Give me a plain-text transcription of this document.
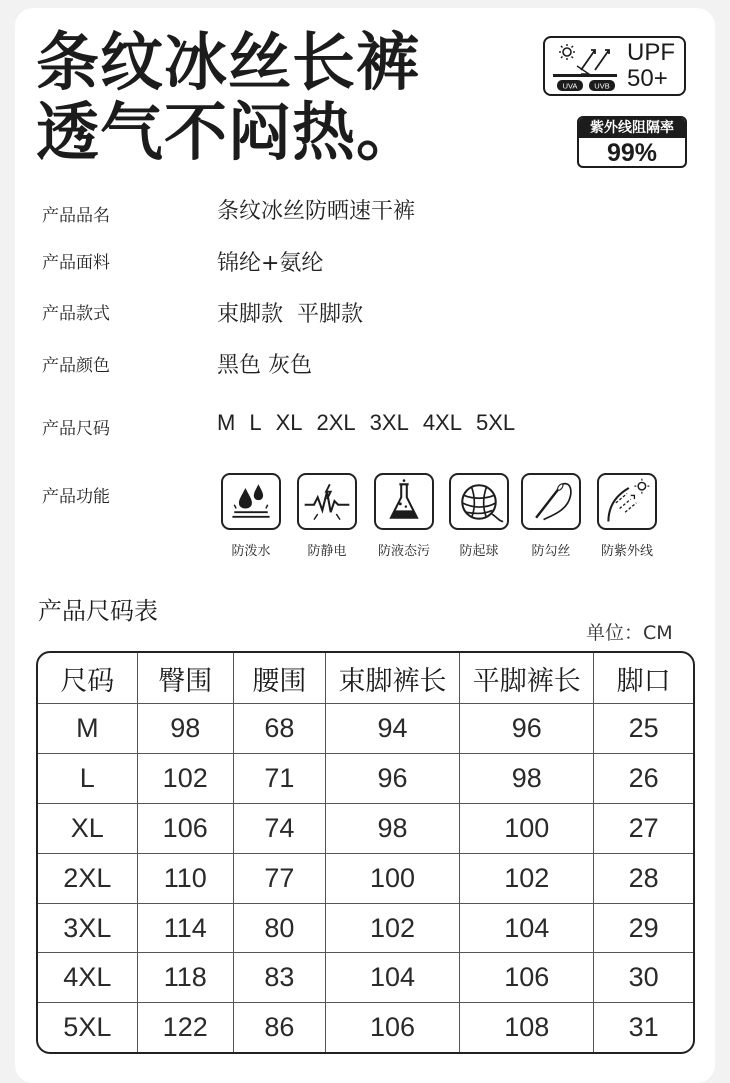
条纹冰丝长裤
透气不闷热。
UVA UVB
UPF
50+
紫外线阻隔率
99%
产品品名	条纹冰丝防晒速干裤
产品面料	锦纶+氨纶
产品款式	束脚款  平脚款
产品颜色	黑色 灰色
产品尺码	M L XL 2XL 3XL 4XL 5XL
产品功能
防泼水	防静电	防液态污	防起球	防勾丝	防紫外线
产品尺码表
单位：CM
尺码	臀围	腰围	束脚裤长	平脚裤长	脚口
M	98	68	94	96	25
L	102	71	96	98	26
XL	106	74	98	100	27
2XL	110	77	100	102	28
3XL	114	80	102	104	29
4XL	118	83	104	106	30
5XL	122	86	106	108	31
